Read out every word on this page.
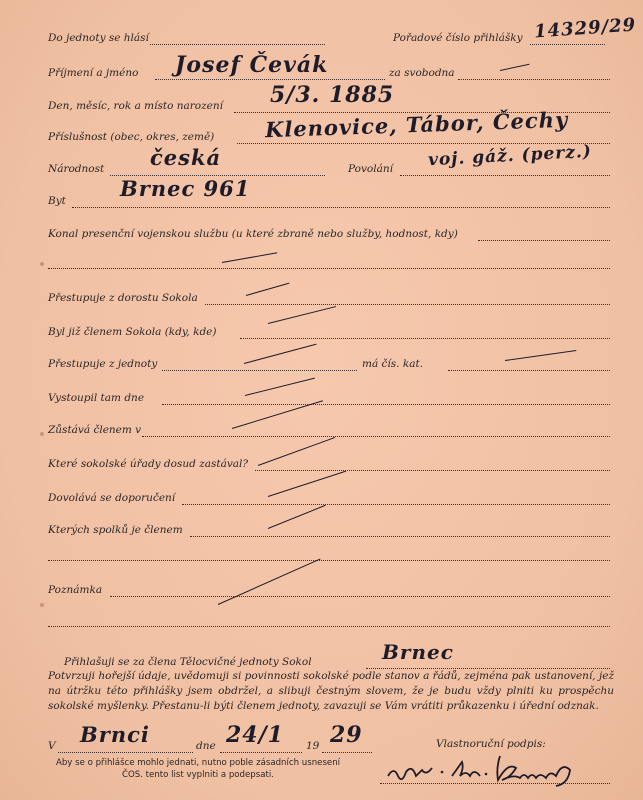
Do jednoty se hlásí	Pořadové číslo přihlášky 14329/29
Příjmení a jméno Josef Čevák	za svobodna
Den, měsíc, rok a místo narození 5/3. 1885
Příslušnost (obec, okres, země) Klenovice, Tábor, Čechy
Národnost česká	Povolání voj. gáž. (perz.)
Byt	Brnec 961
Konal presenční vojenskou službu (u které zbraně nebo služby, hodnost, kdy)
Přestupuje z dorostu Sokola
Byl již členem Sokola (kdy, kde)
Přestupuje z jednoty	má čís. kat.
Vystoupil tam dne
Zůstává členem v
Které sokolské úřady dosud zastával?
Dovolává se doporučení
Kterých spolků je členem
Poznámka
Přihlašuji se za člena Tělocvičné jednoty Sokol	Brnec
Potvrzuji hořejší údaje, uvědomuji si povinnosti sokolské podle stanov a řádů, zejména pak ustanovení, jež na útržku této přihlášky jsem obdržel, a slibuji čestným slovem, že je budu vždy plniti ku prospěchu sokolské myšlenky. Přestanu-li býti členem jednoty, zavazuji se Vám vrátiti průkazenku i úřední odznak.
V Brnci	dne 24/1 19 29	Vlastnoruční podpis:
Aby se o přihlášce mohlo jednati, nutno poble zásadních usnesení ČOS. tento list vyplniti a podepsati.
